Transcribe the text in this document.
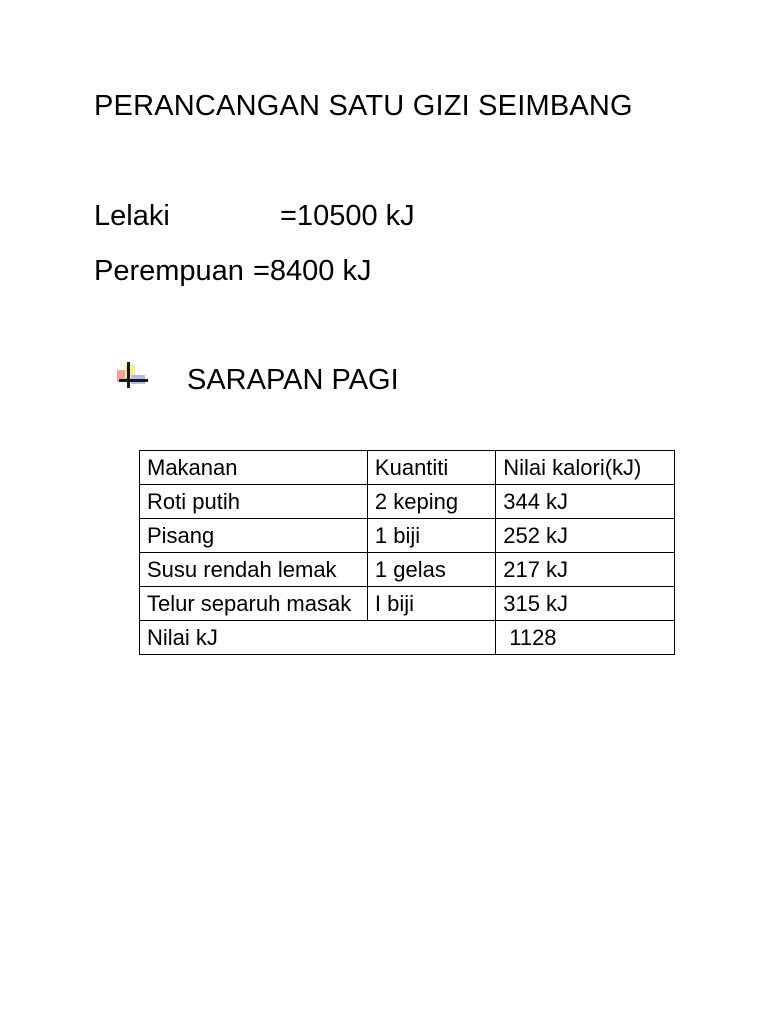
PERANCANGAN SATU GIZI SEIMBANG
Lelaki	=10500 kJ
Perempuan =8400 kJ
SARAPAN PAGI
Makanan	Kuantiti	Nilai kalori(kJ)
Roti putih	2 keping	344 kJ
Pisang	1 biji	252 kJ
Susu rendah lemak	1 gelas	217 kJ
Telur separuh masak	I biji	315 kJ
Nilai kJ		1128
